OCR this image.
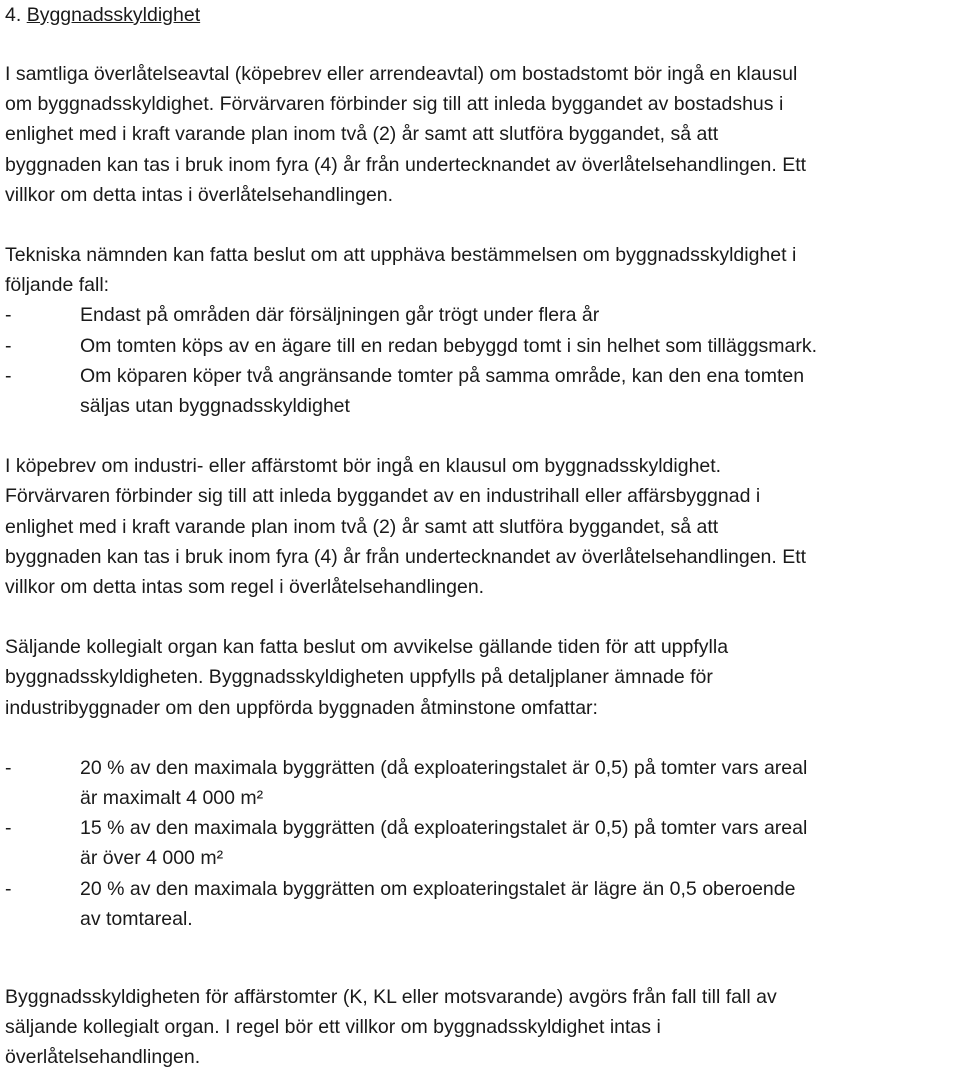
4. Byggnadsskyldighet

I samtliga överlåtelseavtal (köpebrev eller arrendeavtal) om bostadstomt bör ingå en klausul
om byggnadsskyldighet. Förvärvaren förbinder sig till att inleda byggandet av bostadshus i
enlighet med i kraft varande plan inom två (2) år samt att slutföra byggandet, så att
byggnaden kan tas i bruk inom fyra (4) år från undertecknandet av överlåtelsehandlingen. Ett
villkor om detta intas i överlåtelsehandlingen.

Tekniska nämnden kan fatta beslut om att upphäva bestämmelsen om byggnadsskyldighet i
följande fall:

-	Endast på områden där försäljningen går trögt under flera år
-	Om tomten köps av en ägare till en redan bebyggd tomt i sin helhet som tilläggsmark.
-	Om köparen köper två angränsande tomter på samma område, kan den ena tomten
säljas utan byggnadsskyldighet

I köpebrev om industri- eller affärstomt bör ingå en klausul om byggnadsskyldighet.
Förvärvaren förbinder sig till att inleda byggandet av en industrihall eller affärsbyggnad i
enlighet med i kraft varande plan inom två (2) år samt att slutföra byggandet, så att
byggnaden kan tas i bruk inom fyra (4) år från undertecknandet av överlåtelsehandlingen. Ett
villkor om detta intas som regel i överlåtelsehandlingen.

Säljande kollegialt organ kan fatta beslut om avvikelse gällande tiden för att uppfylla
byggnadsskyldigheten. Byggnadsskyldigheten uppfylls på detaljplaner ämnade för
industribyggnader om den uppförda byggnaden åtminstone omfattar:

-	20 % av den maximala byggrätten (då exploateringstalet är 0,5) på tomter vars areal
är maximalt 4 000 m²
-	15 % av den maximala byggrätten (då exploateringstalet är 0,5) på tomter vars areal
är över 4 000 m²
-	20 % av den maximala byggrätten om exploateringstalet är lägre än 0,5 oberoende
av tomtareal.

Byggnadsskyldigheten för affärstomter (K, KL eller motsvarande) avgörs från fall till fall av
säljande kollegialt organ. I regel bör ett villkor om byggnadsskyldighet intas i
överlåtelsehandlingen.
